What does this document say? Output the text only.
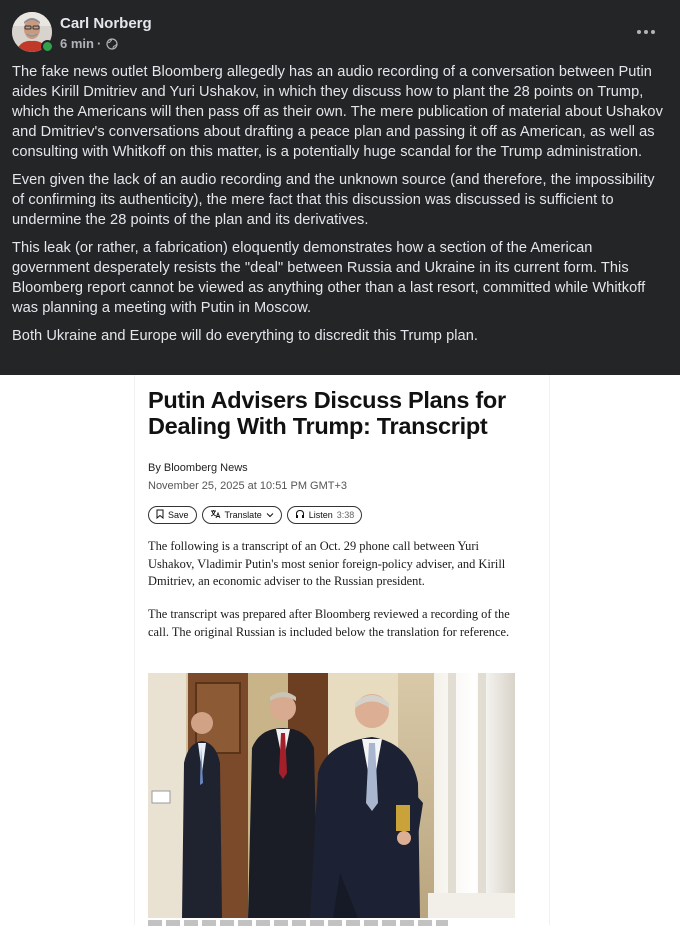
Carl Norberg
6 min ·

The fake news outlet Bloomberg allegedly has an audio recording of a conversation between Putin aides Kirill Dmitriev and Yuri Ushakov, in which they discuss how to plant the 28 points on Trump, which the Americans will then pass off as their own. The mere publication of material about Ushakov and Dmitriev's conversations about drafting a peace plan and passing it off as American, as well as consulting with Whitkoff on this matter, is a potentially huge scandal for the Trump administration.

Even given the lack of an audio recording and the unknown source (and therefore, the impossibility of confirming its authenticity), the mere fact that this discussion was discussed is sufficient to undermine the 28 points of the plan and its derivatives.

This leak (or rather, a fabrication) eloquently demonstrates how a section of the American government desperately resists the "deal" between Russia and Ukraine in its current form. This Bloomberg report cannot be viewed as anything other than a last resort, committed while Whitkoff was planning a meeting with Putin in Moscow.

Both Ukraine and Europe will do everything to discredit this Trump plan.

Putin Advisers Discuss Plans for Dealing With Trump: Transcript
By Bloomberg News
November 25, 2025 at 10:51 PM GMT+3
Save	Translate	Listen 3:38
The following is a transcript of an Oct. 29 phone call between Yuri Ushakov, Vladimir Putin's most senior foreign-policy adviser, and Kirill Dmitriev, an economic adviser to the Russian president.
The transcript was prepared after Bloomberg reviewed a recording of the call. The original Russian is included below the translation for reference.
